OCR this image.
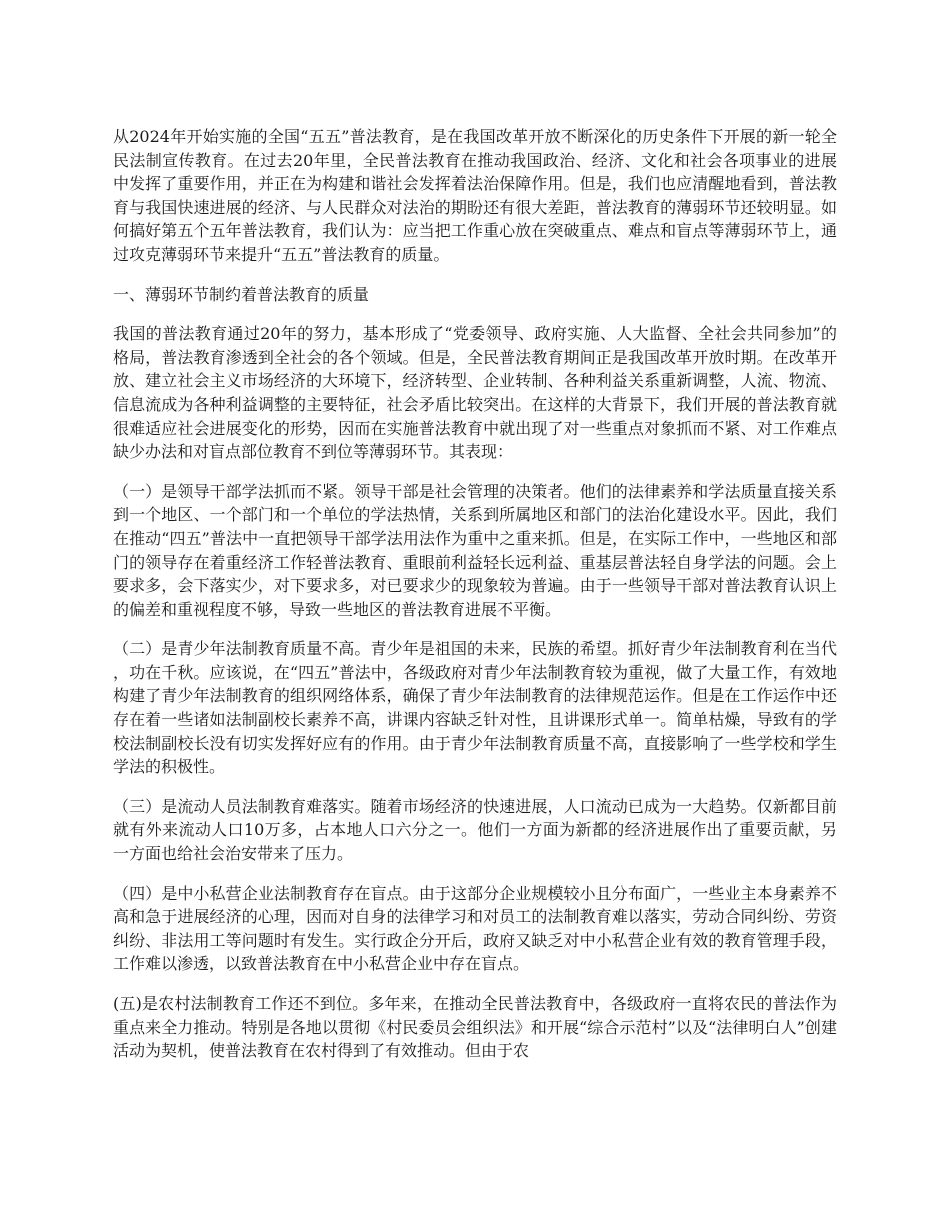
从2024年开始实施的全国“五五”普法教育，是在我国改革开放不断深化的历史条件下开展的新一轮全民法制宣传教育。在过去20年里，全民普法教育在推动我国政治、经济、文化和社会各项事业的进展中发挥了重要作用，并正在为构建和谐社会发挥着法治保障作用。但是，我们也应清醒地看到，普法教育与我国快速进展的经济、与人民群众对法治的期盼还有很大差距，普法教育的薄弱环节还较明显。如何搞好第五个五年普法教育，我们认为：应当把工作重心放在突破重点、难点和盲点等薄弱环节上，通过攻克薄弱环节来提升“五五”普法教育的质量。

一、薄弱环节制约着普法教育的质量

我国的普法教育通过20年的努力，基本形成了“党委领导、政府实施、人大监督、全社会共同参加”的格局，普法教育渗透到全社会的各个领域。但是，全民普法教育期间正是我国改革开放时期。在改革开放、建立社会主义市场经济的大环境下，经济转型、企业转制、各种利益关系重新调整，人流、物流、信息流成为各种利益调整的主要特征，社会矛盾比较突出。在这样的大背景下，我们开展的普法教育就很难适应社会进展变化的形势，因而在实施普法教育中就出现了对一些重点对象抓而不紧、对工作难点缺少办法和对盲点部位教育不到位等薄弱环节。其表现：

（一）是领导干部学法抓而不紧。领导干部是社会管理的决策者。他们的法律素养和学法质量直接关系到一个地区、一个部门和一个单位的学法热情，关系到所属地区和部门的法治化建设水平。因此，我们在推动“四五”普法中一直把领导干部学法用法作为重中之重来抓。但是，在实际工作中，一些地区和部门的领导存在着重经济工作轻普法教育、重眼前利益轻长远利益、重基层普法轻自身学法的问题。会上要求多，会下落实少，对下要求多，对已要求少的现象较为普遍。由于一些领导干部对普法教育认识上的偏差和重视程度不够，导致一些地区的普法教育进展不平衡。

（二）是青少年法制教育质量不高。青少年是祖国的未来，民族的希望。抓好青少年法制教育利在当代，功在千秋。应该说，在“四五”普法中，各级政府对青少年法制教育较为重视，做了大量工作，有效地构建了青少年法制教育的组织网络体系，确保了青少年法制教育的法律规范运作。但是在工作运作中还存在着一些诸如法制副校长素养不高，讲课内容缺乏针对性，且讲课形式单一。简单枯燥，导致有的学校法制副校长没有切实发挥好应有的作用。由于青少年法制教育质量不高，直接影响了一些学校和学生学法的积极性。

（三）是流动人员法制教育难落实。随着市场经济的快速进展，人口流动已成为一大趋势。仅新都目前就有外来流动人口10万多，占本地人口六分之一。他们一方面为新都的经济进展作出了重要贡献，另一方面也给社会治安带来了压力。

（四）是中小私营企业法制教育存在盲点。由于这部分企业规模较小且分布面广，一些业主本身素养不高和急于进展经济的心理，因而对自身的法律学习和对员工的法制教育难以落实，劳动合同纠纷、劳资纠纷、非法用工等问题时有发生。实行政企分开后，政府又缺乏对中小私营企业有效的教育管理手段，工作难以渗透，以致普法教育在中小私营企业中存在盲点。

(五)是农村法制教育工作还不到位。多年来，在推动全民普法教育中，各级政府一直将农民的普法作为重点来全力推动。特别是各地以贯彻《村民委员会组织法》和开展“综合示范村”以及“法律明白人”创建活动为契机，使普法教育在农村得到了有效推动。但由于农
